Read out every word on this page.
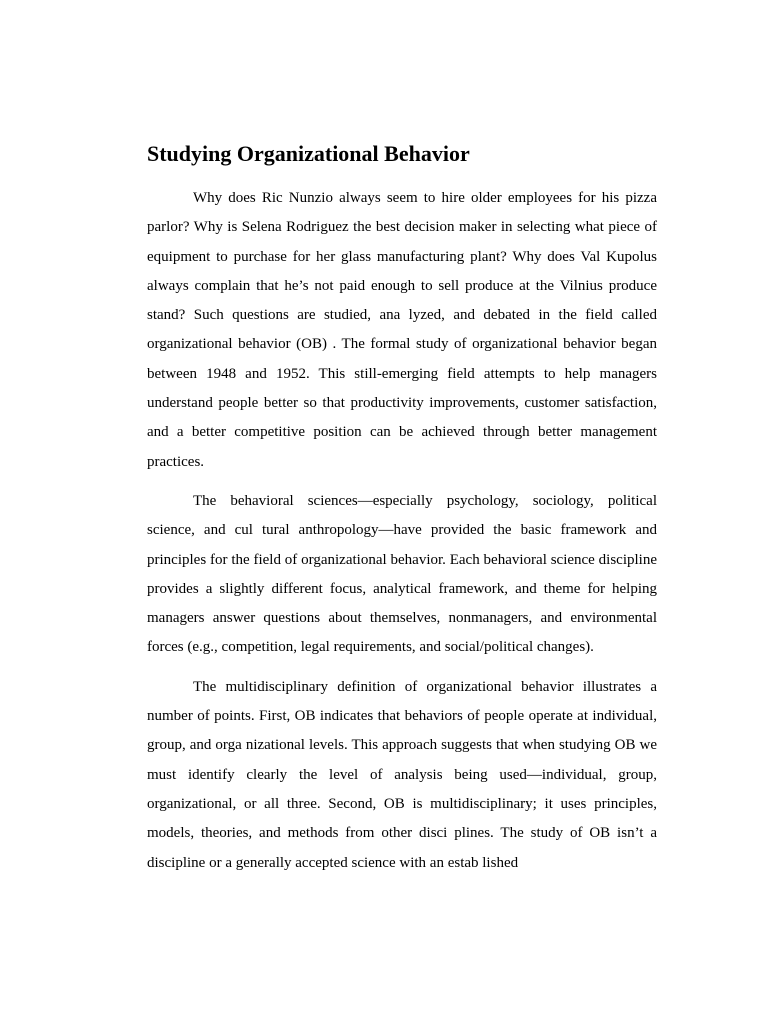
Studying Organizational Behavior

Why does Ric Nunzio always seem to hire older employees for his pizza parlor? Why is Selena Rodriguez the best decision maker in selecting what piece of equipment to purchase for her glass manufacturing plant? Why does Val Kupolus always complain that he’s not paid enough to sell produce at the Vilnius produce stand? Such questions are studied, ana lyzed, and debated in the field called organizational behavior (OB) . The formal study of organizational behavior began between 1948 and 1952. This still-emerging field attempts to help managers understand people better so that productivity improvements, customer satisfaction, and a better competitive position can be achieved through better management practices.

The behavioral sciences—especially psychology, sociology, political science, and cul tural anthropology—have provided the basic framework and principles for the field of organizational behavior. Each behavioral science discipline provides a slightly different focus, analytical framework, and theme for helping managers answer questions about themselves, nonmanagers, and environmental forces (e.g., competition, legal requirements, and social/political changes).

The multidisciplinary definition of organizational behavior illustrates a number of points. First, OB indicates that behaviors of people operate at individual, group, and orga nizational levels. This approach suggests that when studying OB we must identify clearly the level of analysis being used—individual, group, organizational, or all three. Second, OB is multidisciplinary; it uses principles, models, theories, and methods from other disci plines. The study of OB isn’t a discipline or a generally accepted science with an estab lished
